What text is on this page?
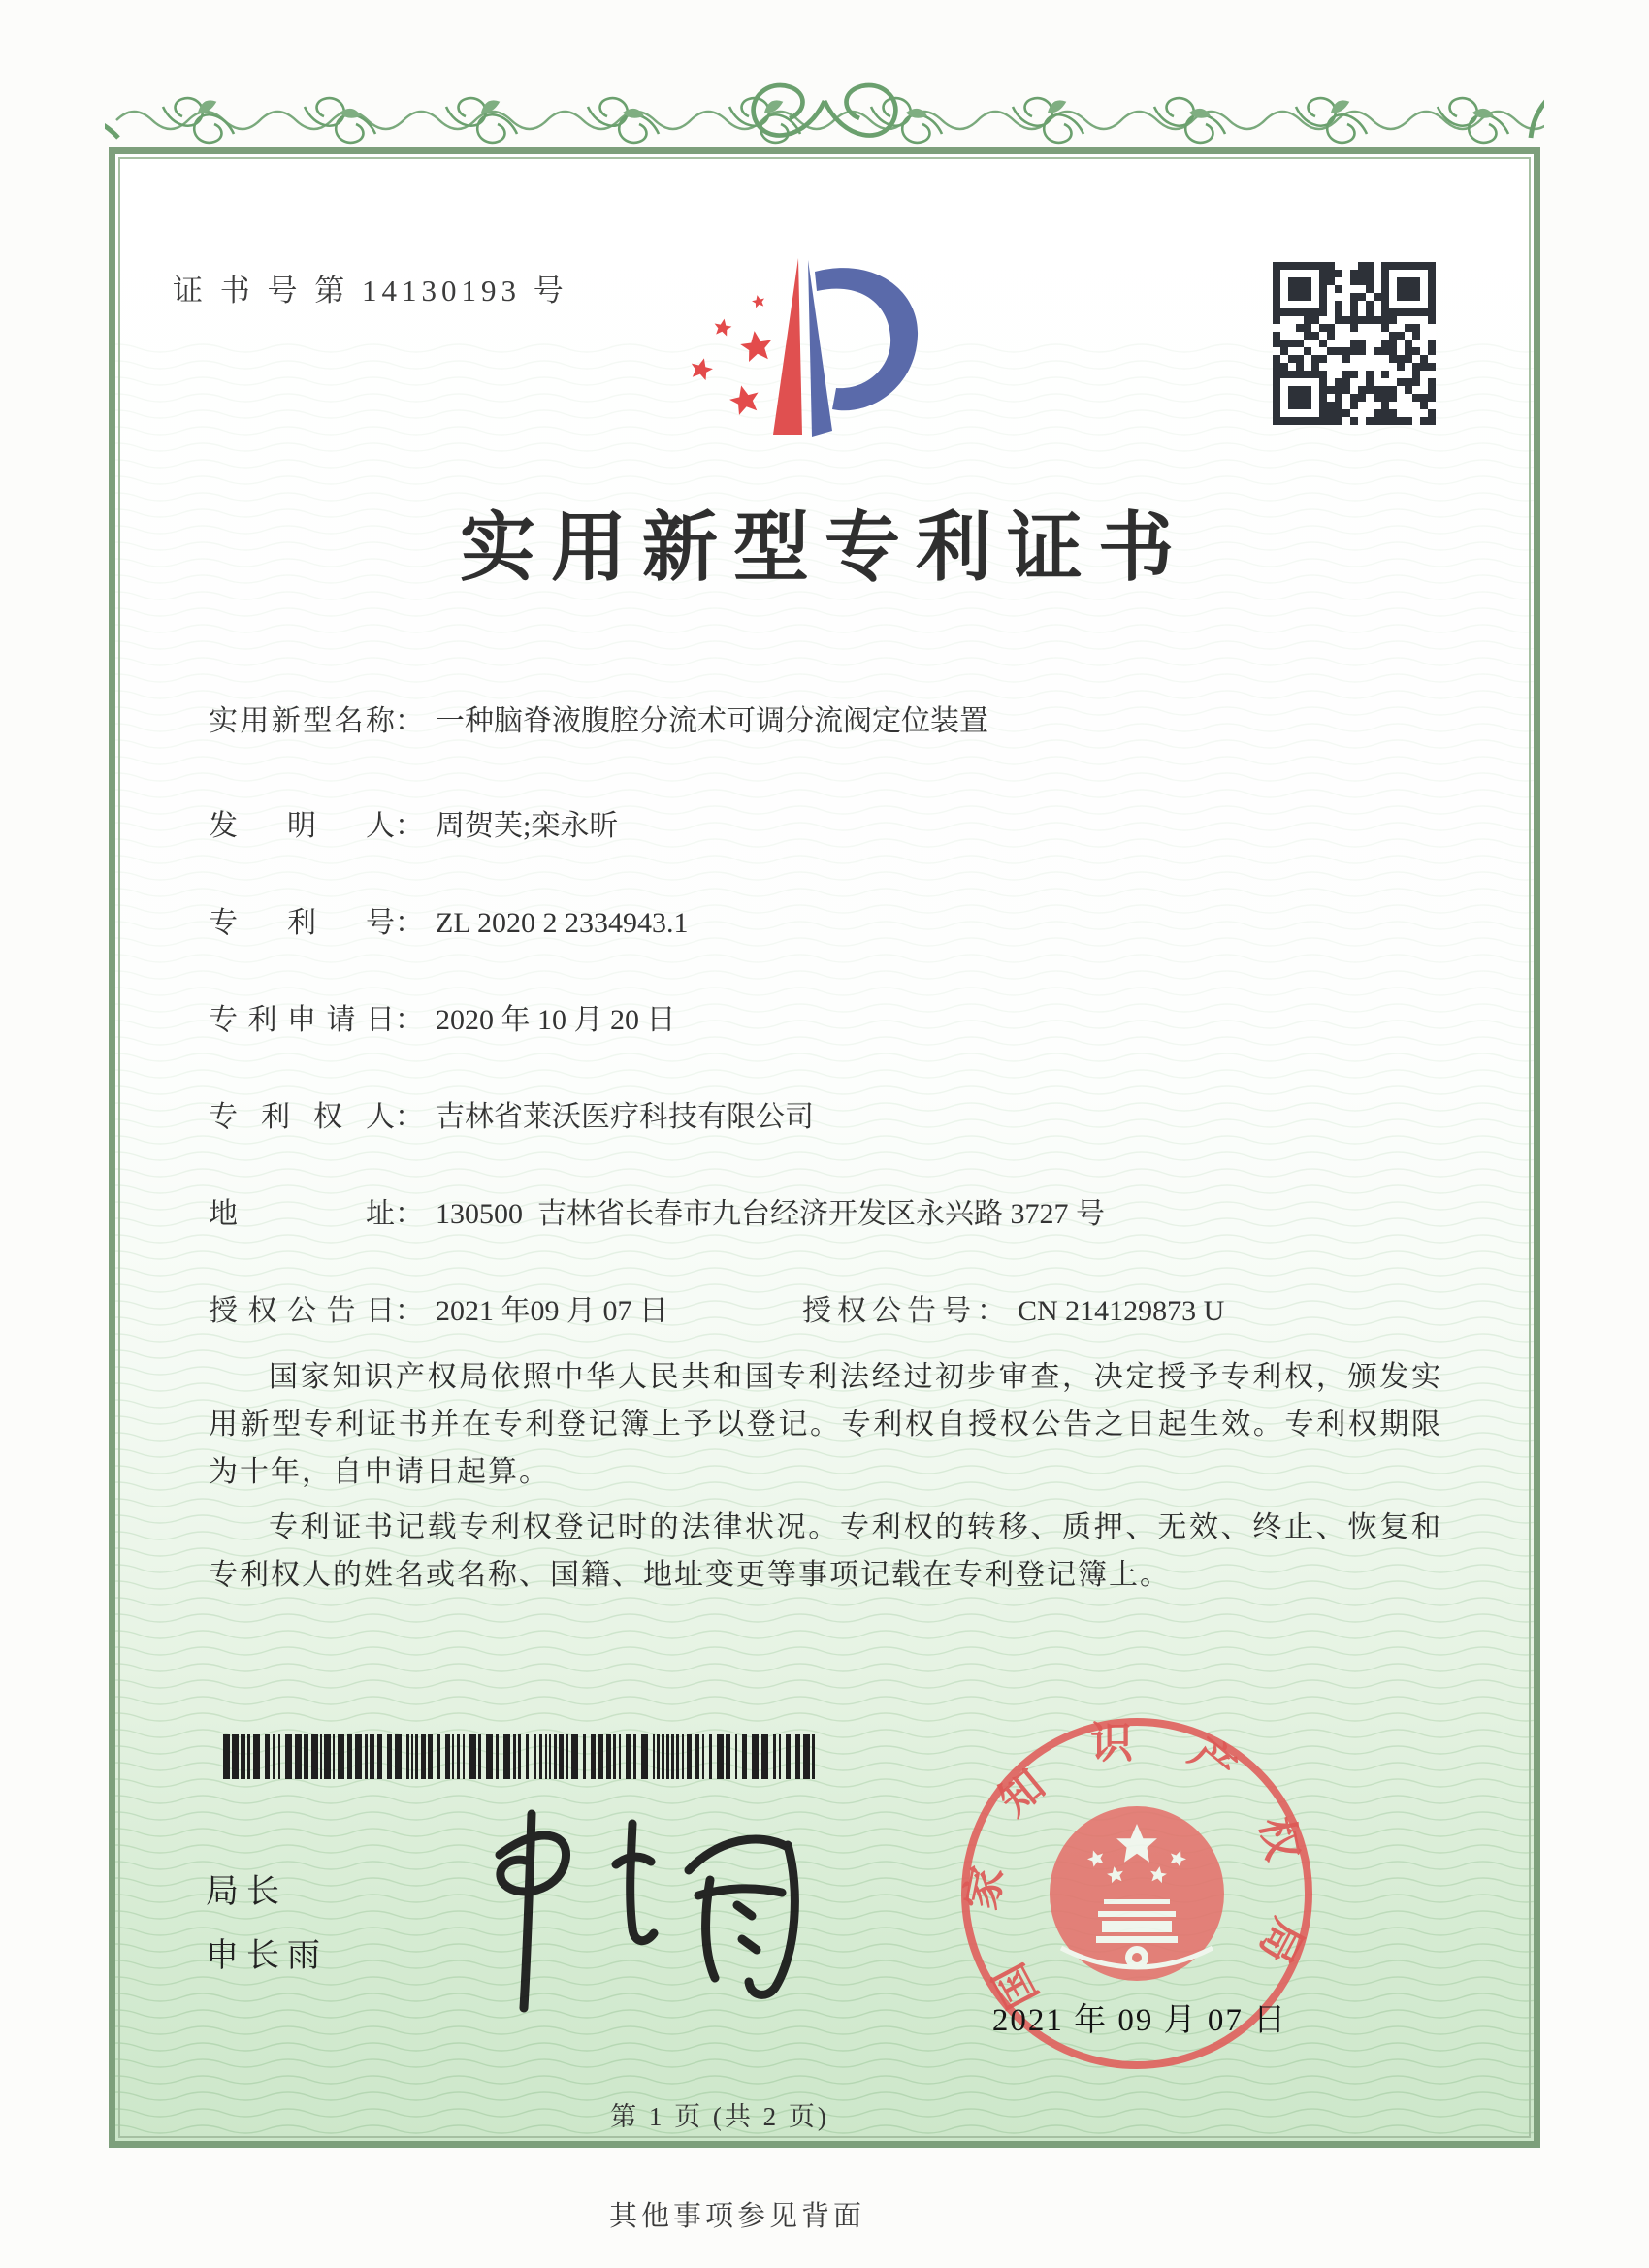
证 书 号 第 14130193 号
实用新型专利证书
实用新型名称： 一种脑脊液腹腔分流术可调分流阀定位装置
发明人： 周贺芙;栾永昕
专利号： ZL 2020 2 2334943.1
专利申请日： 2020 年 10 月 20 日
专利权人： 吉林省莱沃医疗科技有限公司
地址： 130500  吉林省长春市九台经济开发区永兴路 3727 号
授权公告日： 2021 年09 月 07 日	授权公告号： CN 214129873 U

国家知识产权局依照中华人民共和国专利法经过初步审查，决定授予专利权，颁发实用新型专利证书并在专利登记簿上予以登记。专利权自授权公告之日起生效。专利权期限为十年，自申请日起算。

专利证书记载专利权登记时的法律状况。专利权的转移、质押、无效、终止、恢复和专利权人的姓名或名称、国籍、地址变更等事项记载在专利登记簿上。

局长
申长雨	国家知识产权局
2021 年 09 月 07 日
第 1 页 (共 2 页)
其他事项参见背面
